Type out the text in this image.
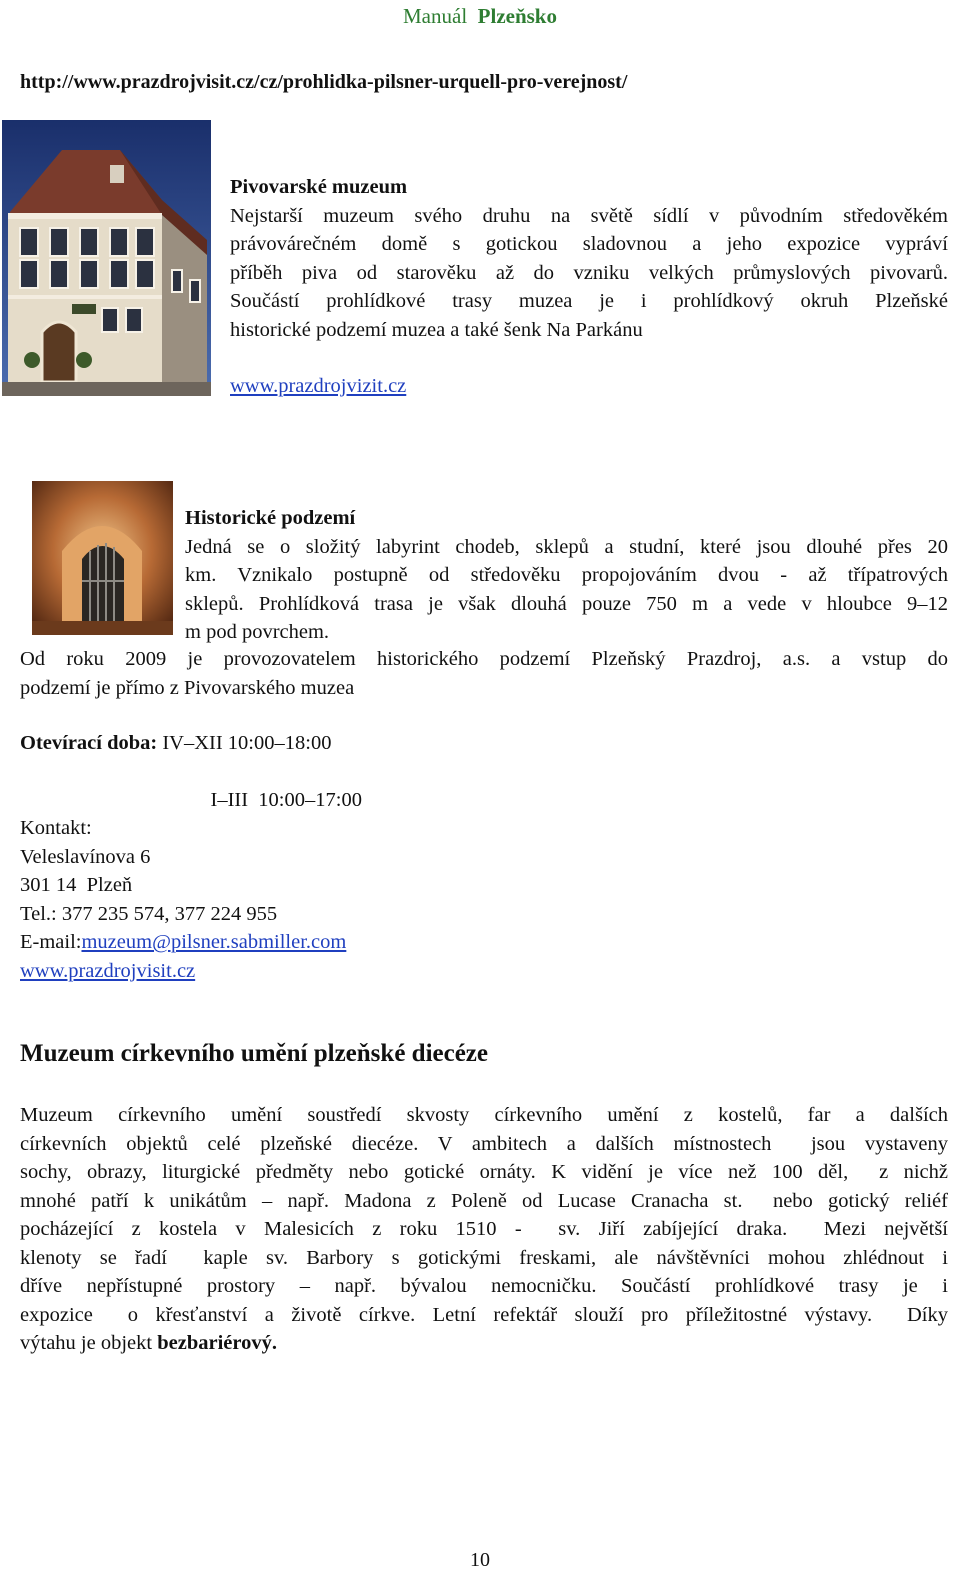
Manuál Plzeňsko
http://www.prazdrojvisit.cz/cz/prohlidka-pilsner-urquell-pro-verejnost/
Pivovarské muzeum
Nejstarší muzeum svého druhu na světě sídlí v původním středověkém
právovárečném domě s gotickou sladovnou a jeho expozice vypráví
příběh piva od starověku až do vzniku velkých průmyslových pivovarů.
Součástí prohlídkové trasy muzea je i prohlídkový okruh Plzeňské
historické podzemí muzea a také šenk Na Parkánu
www.prazdrojvizit.cz
Historické podzemí
Jedná se o složitý labyrint chodeb, sklepů a studní, které jsou dlouhé přes 20
km. Vznikalo postupně od středověku propojováním dvou - až třípatrových
sklepů. Prohlídková trasa je však dlouhá pouze 750 m a vede v hloubce 9–12
m pod povrchem.
Od roku 2009 je provozovatelem historického podzemí Plzeňský Prazdroj, a.s. a vstup do
podzemí je přímo z Pivovarského muzea
Otevírací doba: IV–XII 10:00–18:00

I–III  10:00–17:00

Kontakt:
Veleslavínova 6
301 14  Plzeň
Tel.: 377 235 574, 377 224 955
E-mail:muzeum@pilsner.sabmiller.com
www.prazdrojvisit.cz
Muzeum církevního umění plzeňské diecéze
Muzeum církevního umění soustředí skvosty církevního umění z kostelů, far a dalších
církevních objektů celé plzeňské diecéze. V ambitech a dalších místnostech  jsou vystaveny
sochy, obrazy, liturgické předměty nebo gotické ornáty. K vidění je více než 100 děl,  z nichž
mnohé patří k unikátům – např. Madona z Poleně od Lucase Cranacha st.  nebo gotický reliéf
pocházející z kostela v Malesicích z roku 1510 -  sv. Jiří zabíjející draka.  Mezi největší
klenoty se řadí  kaple sv. Barbory s gotickými freskami, ale návštěvníci mohou zhlédnout i
dříve nepřístupné prostory – např. bývalou nemocničku. Součástí prohlídkové trasy je i
expozice  o křesťanství a životě církve. Letní refektář slouží pro příležitostné výstavy.  Díky
výtahu je objekt bezbariérový.
10
